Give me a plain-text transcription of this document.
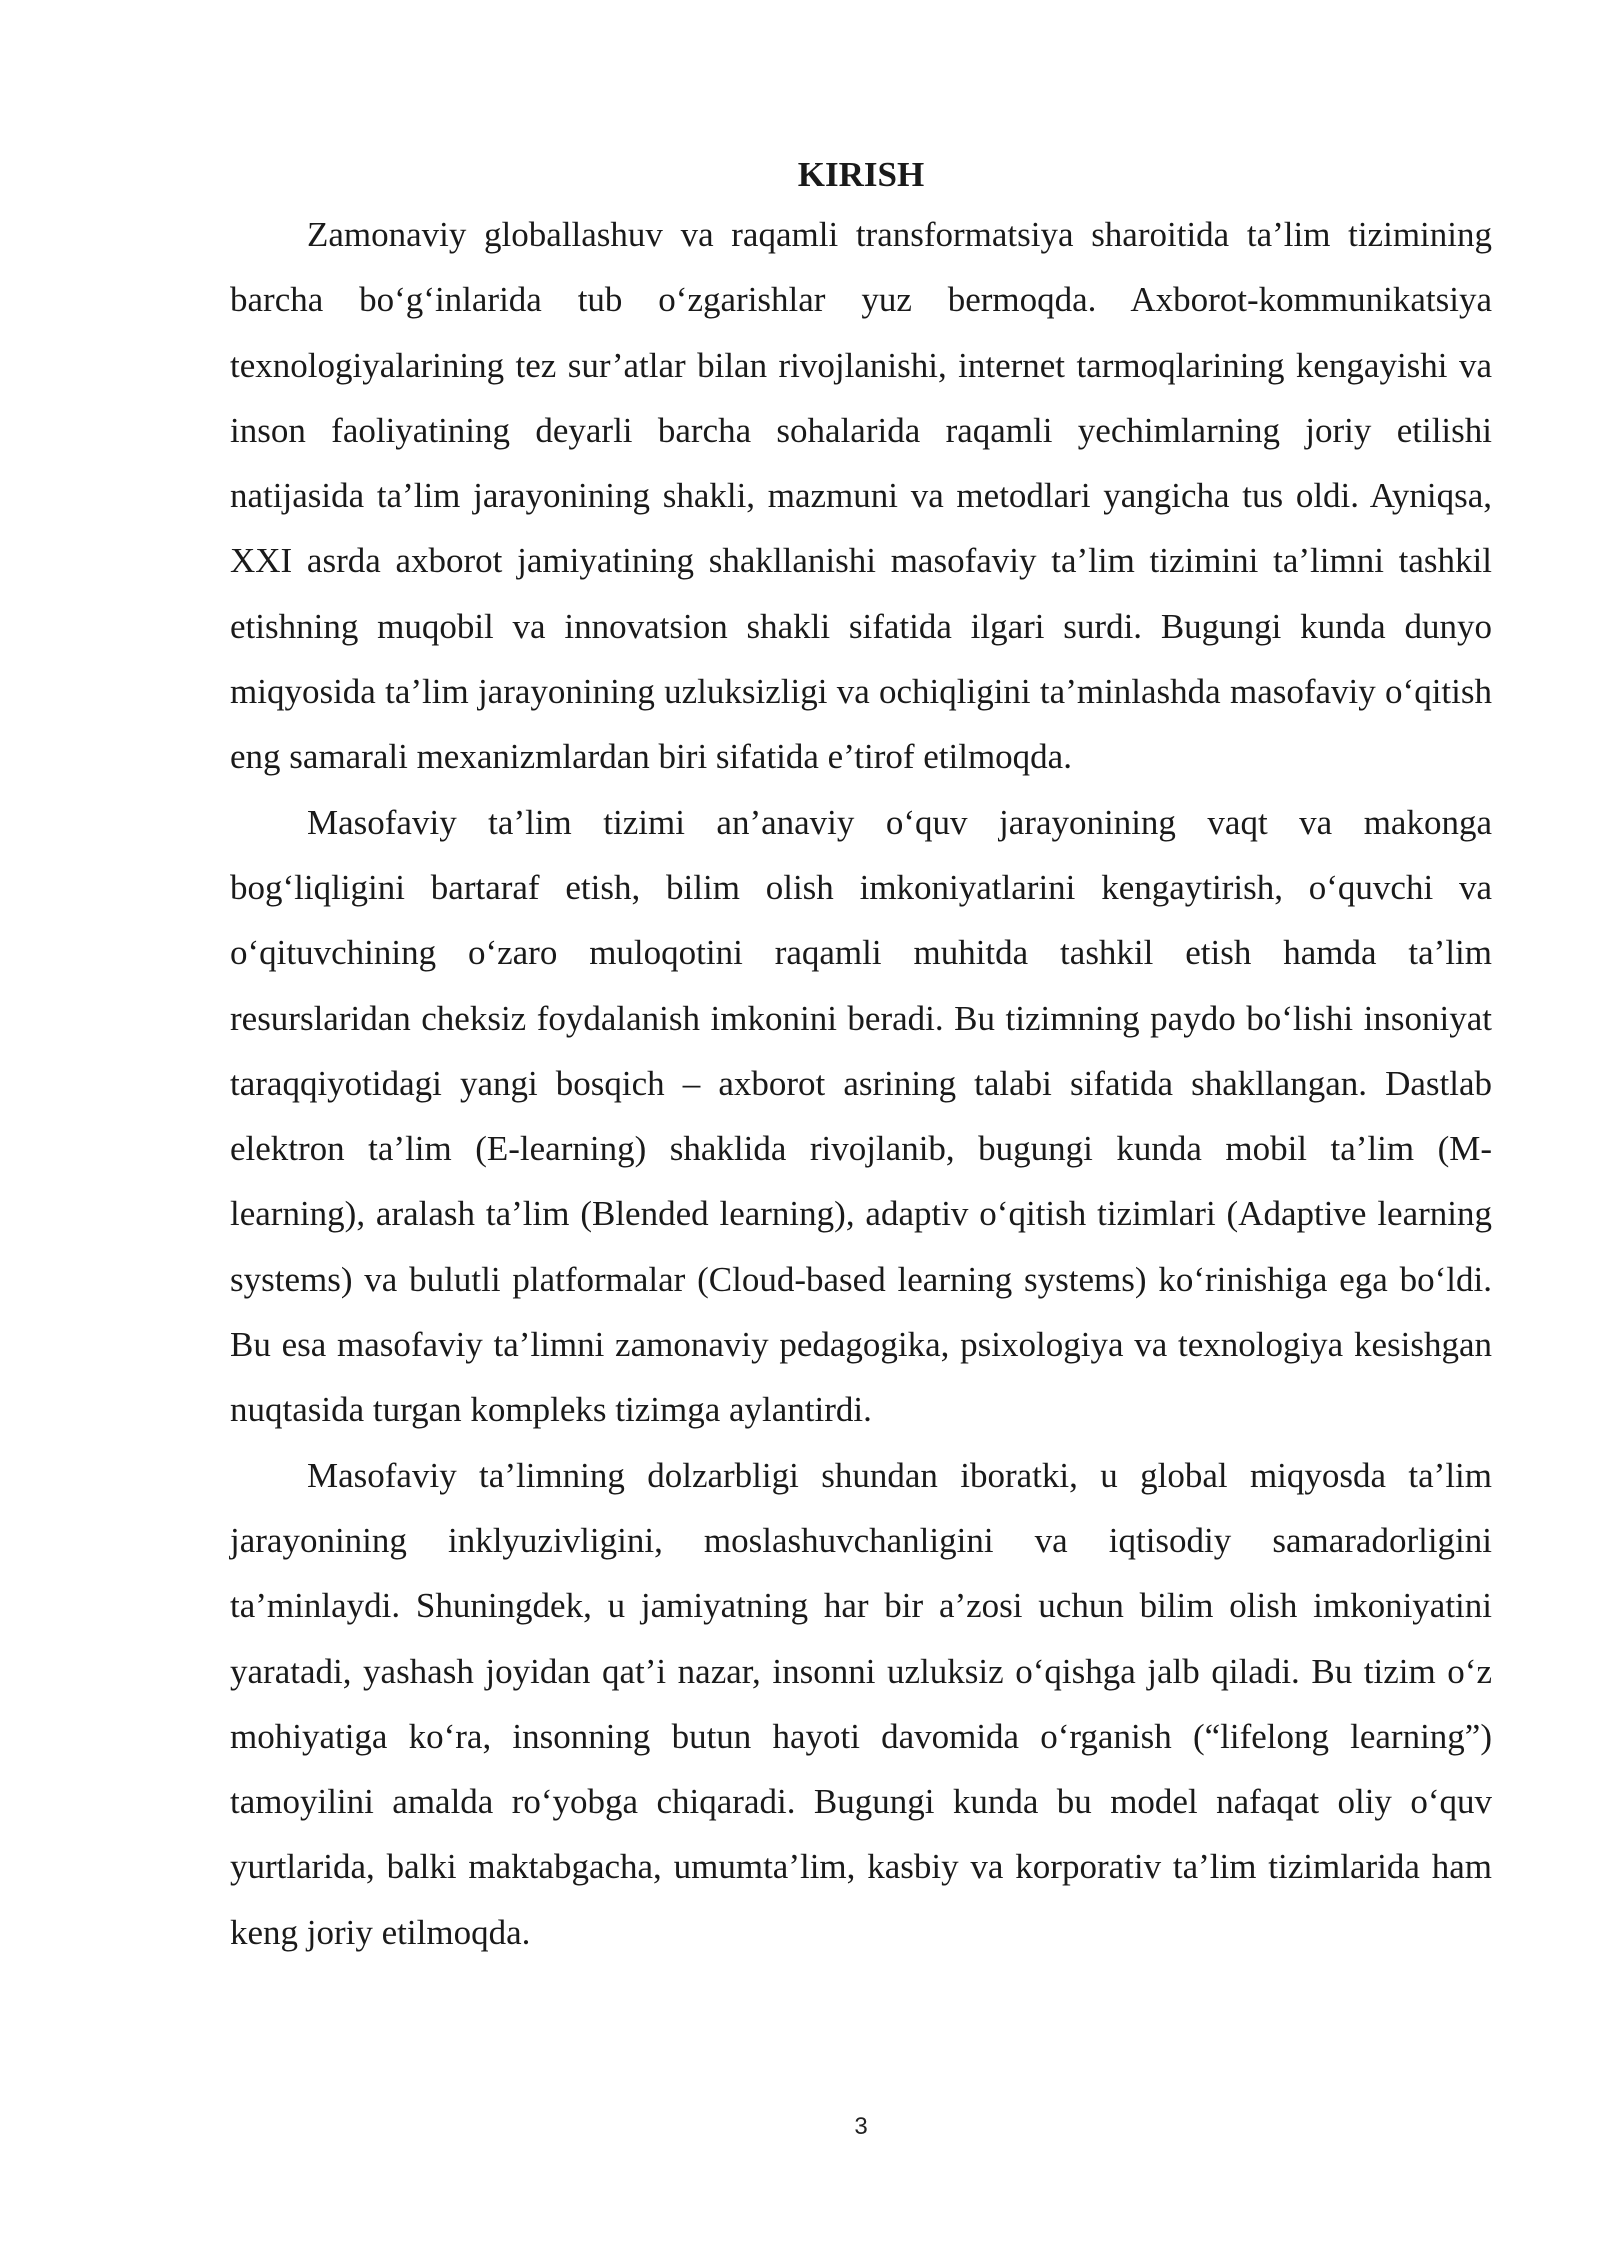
KIRISH

Zamonaviy globallashuv va raqamli transformatsiya sharoitida ta’lim tizimining barcha bo‘g‘inlarida tub o‘zgarishlar yuz bermoqda. Axborot-kommunikatsiya texnologiyalarining tez sur’atlar bilan rivojlanishi, internet tarmoqlarining kengayishi va inson faoliyatining deyarli barcha sohalarida raqamli yechimlarning joriy etilishi natijasida ta’lim jarayonining shakli, mazmuni va metodlari yangicha tus oldi. Ayniqsa, XXI asrda axborot jamiyatining shakllanishi masofaviy ta’lim tizimini ta’limni tashkil etishning muqobil va innovatsion shakli sifatida ilgari surdi. Bugungi kunda dunyo miqyosida ta’lim jarayonining uzluksizligi va ochiqligini ta’minlashda masofaviy o‘qitish eng samarali mexanizmlardan biri sifatida e’tirof etilmoqda.

Masofaviy ta’lim tizimi an’anaviy o‘quv jarayonining vaqt va makonga bog‘liqligini bartaraf etish, bilim olish imkoniyatlarini kengaytirish, o‘quvchi va o‘qituvchining o‘zaro muloqotini raqamli muhitda tashkil etish hamda ta’lim resurslaridan cheksiz foydalanish imkonini beradi. Bu tizimning paydo bo‘lishi insoniyat taraqqiyotidagi yangi bosqich – axborot asrining talabi sifatida shakllangan. Dastlab elektron ta’lim (E-learning) shaklida rivojlanib, bugungi kunda mobil ta’lim (M-learning), aralash ta’lim (Blended learning), adaptiv o‘qitish tizimlari (Adaptive learning systems) va bulutli platformalar (Cloud-based learning systems) ko‘rinishiga ega bo‘ldi. Bu esa masofaviy ta’limni zamonaviy pedagogika, psixologiya va texnologiya kesishgan nuqtasida turgan kompleks tizimga aylantirdi.

Masofaviy ta’limning dolzarbligi shundan iboratki, u global miqyosda ta’lim jarayonining inklyuzivligini, moslashuvchanligini va iqtisodiy samaradorligini ta’minlaydi. Shuningdek, u jamiyatning har bir a’zosi uchun bilim olish imkoniyatini yaratadi, yashash joyidan qat’i nazar, insonni uzluksiz o‘qishga jalb qiladi. Bu tizim o‘z mohiyatiga ko‘ra, insonning butun hayoti davomida o‘rganish (“lifelong learning”) tamoyilini amalda ro‘yobga chiqaradi. Bugungi kunda bu model nafaqat oliy o‘quv yurtlarida, balki maktabgacha, umumta’lim, kasbiy va korporativ ta’lim tizimlarida ham keng joriy etilmoqda.

3
